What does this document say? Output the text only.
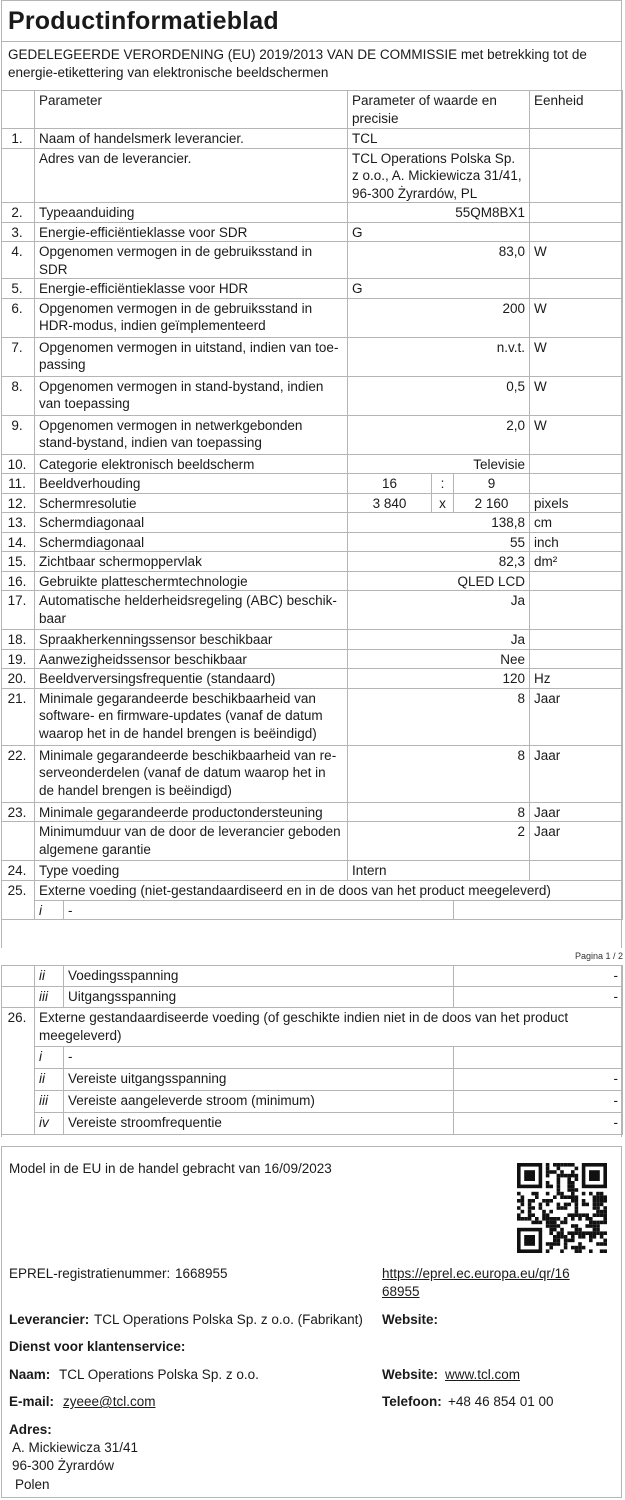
Productinformatieblad
GEDELEGEERDE VERORDENING (EU) 2019/2013 VAN DE COMMISSIE met betrekking tot de energie-etikettering van elektronische beeldschermen
	Parameter		Parameter of waarde en precisie			Eenheid	
1.	Naam of handelsmerk leverancier.		TCL				
	Adres van de leverancier.		TCL Operations Polska Sp. z o.o., A. Mickiewicza 31/41, 96-300 Żyrardów, PL				
2.	Typeaanduiding		55QM8BX1				
3.	Energie-efficiëntieklasse voor SDR		G				
4.	Opgenomen vermogen in de gebruiksstand in SDR		83,0			W	
5.	Energie-efficiëntieklasse voor HDR		G				
6.	Opgenomen vermogen in de gebruiksstand in HDR-modus, indien geïmplementeerd		200			W	
7.	Opgenomen vermogen in uitstand, indien van toepassing		n.v.t.			W	
8.	Opgenomen vermogen in stand-bystand, indien van toepassing		0,5			W	
9.	Opgenomen vermogen in netwerkgebonden stand-bystand, indien van toepassing		2,0			W	
10.	Categorie elektronisch beeldscherm		Televisie				
11.	Beeldverhouding		16	:	9		
12.	Schermresolutie		3 840	x	2 160	pixels	
13.	Schermdiagonaal		138,8			cm	
14.	Schermdiagonaal		55			inch	
15.	Zichtbaar schermoppervlak		82,3			dm²	
16.	Gebruikte platteschermtechnologie		QLED LCD				
17.	Automatische helderheidsregeling (ABC) beschikbaar		Ja				
18.	Spraakherkenningssensor beschikbaar		Ja				
19.	Aanwezigheidssensor beschikbaar		Nee				
20.	Beeldverversingsfrequentie (standaard)		120			Hz	
21.	Minimale gegarandeerde beschikbaarheid van software- en firmware-updates (vanaf de datum waarop het in de handel brengen is beëindigd)		8			Jaar	
22.	Minimale gegarandeerde beschikbaarheid van reserveonderdelen (vanaf de datum waarop het in de handel brengen is beëindigd)		8			Jaar	
23.	Minimale gegarandeerde productondersteuning		8			Jaar	
	Minimumduur van de door de leverancier geboden algemene garantie		2			Jaar	
24.	Type voeding		Intern				
25.	Externe voeding (niet-gestandaardiseerd en in de doos van het product meegeleverd)						
	i	-					
Pagina 1 / 2
	ii	Voedingsspanning	-	
	iii	Uitgangsspanning	-	
26.	Externe gestandaardiseerde voeding (of geschikte indien niet in de doos van het product meegeleverd)			
	i	-		
	ii	Vereiste uitgangsspanning	-	
	iii	Vereiste aangeleverde stroom (minimum)	-	
	iv	Vereiste stroomfrequentie	-	
Model in de EU in de handel gebracht van 16/09/2023
EPREL-registratienummer: 1668955	https://eprel.ec.europa.eu/qr/16
68955
Leverancier: TCL Operations Polska Sp. z o.o. (Fabrikant) Website:
Dienst voor klantenservice:
Naam: TCL Operations Polska Sp. z o.o.	Website: www.tcl.com
E-mail: zyeee@tcl.com	Telefoon: +48 46 854 01 00
Adres:
A. Mickiewicza 31/41
96-300 Żyrardów
Polen
